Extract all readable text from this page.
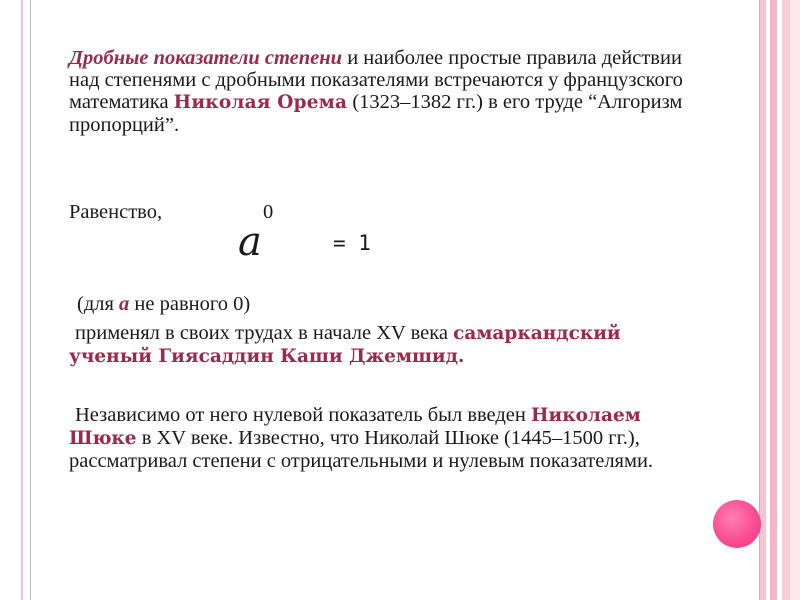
Дробные показатели степени и наиболее простые правила действии над степенями с дробными показателями встречаются у французского математика Николая Орема (1323–1382 гг.) в его труде “Алгоризм пропорций”.
Равенство,	0
a	= 1
(для a не равного 0)
применял в своих трудах в начале XV века самаркандский ученый Гиясаддин Каши Джемшид.
Независимо от него нулевой показатель был введен Николаем Шюке в XV веке. Известно, что Николай Шюке (1445–1500 гг.), рассматривал степени с отрицательными и нулевым показателями.
